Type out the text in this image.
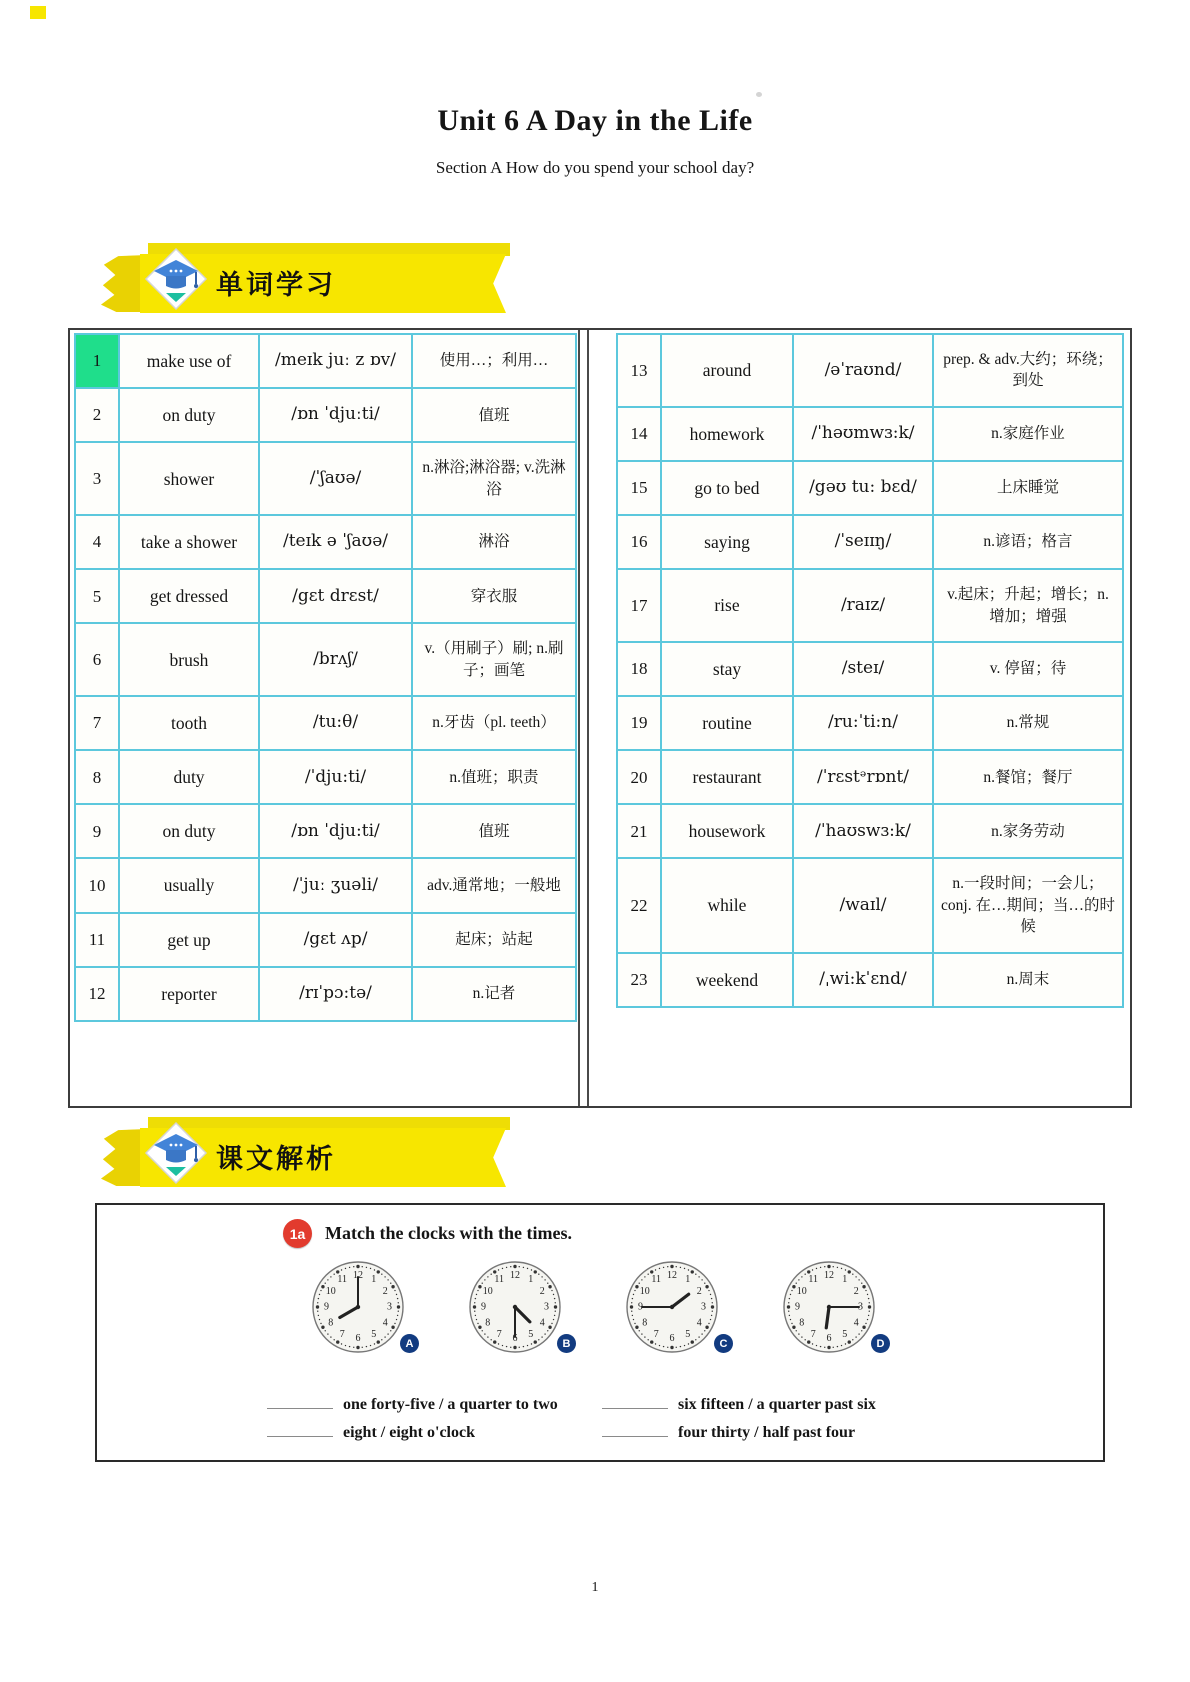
Unit 6 A Day in the Life
Section A How do you spend your school day?
单词学习
1	make use of	/meɪk juː z ɒv/	使用…；利用…
2	on duty	/ɒn ˈdjuːti/	值班
3	shower	/ˈʃaʊə/	n.淋浴;淋浴器; v.洗淋浴
4	take a shower	/teɪk ə ˈʃaʊə/	淋浴
5	get dressed	/gɛt drɛst/	穿衣服
6	brush	/brʌʃ/	v.（用刷子）刷; n.刷子；画笔
7	tooth	/tu:θ/	n.牙齿（pl. teeth）
8	duty	/ˈdju:ti/	n.值班；职责
9	on duty	/ɒn ˈdju:ti/	值班
10	usually	/ˈjuː ʒuəli/	adv.通常地；一般地
11	get up	/gɛt ʌp/	起床；站起
12	reporter	/rɪˈpɔ:tə/	n.记者
13	around	/əˈraʊnd/	prep. & adv.大约；环绕；到处
14	homework	/ˈhəʊmwɜ:k/	n.家庭作业
15	go to bed	/gəʊ tu: bɛd/	上床睡觉
16	saying	/ˈseɪɪŋ/	n.谚语；格言
17	rise	/raɪz/	v.起床；升起；增长；n.增加；增强
18	stay	/steɪ/	v. 停留；待
19	routine	/ru:ˈti:n/	n.常规
20	restaurant	/ˈrɛstᵊrɒnt/	n.餐馆；餐厅
21	housework	/ˈhaʊswɜ:k/	n.家务劳动
22	while	/waɪl/	n.一段时间；一会儿；conj. 在…期间；当…的时候
23	weekend	/ˌwi:kˈɛnd/	n.周末
课文解析
1a	Match the clocks with the times.
1
2
3
4
5
6
7
8
9
10
11 12
A
1
2
3
4
5
6
7
8
9
10
11 12
B
1
2
3
4
5
6
7
8
9
10
11 12
C
1
2
3
4
5
6
7
8
9
10
11 12
D
one forty-five / a quarter to two
eight / eight o'clock
six fifteen / a quarter past six
four thirty / half past four
1
